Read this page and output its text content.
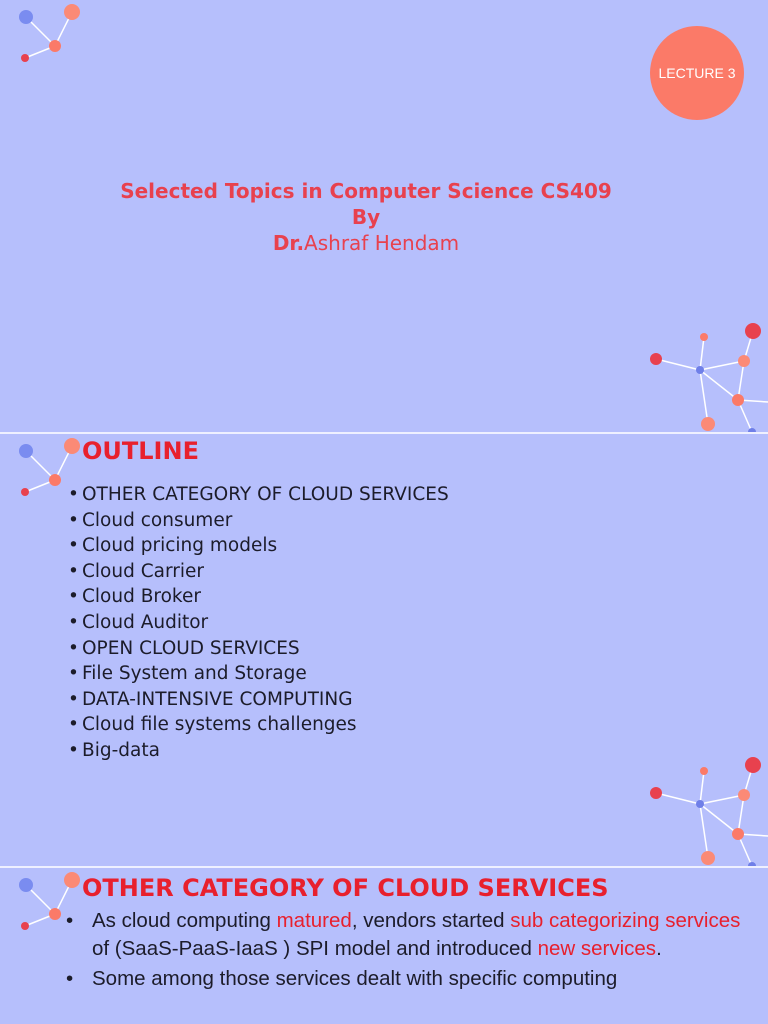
LECTURE 3
Selected Topics in Computer Science CS409
By
Dr.Ashraf Hendam
OUTLINE
• OTHER CATEGORY OF CLOUD SERVICES
• Cloud consumer
• Cloud pricing models
• Cloud Carrier
• Cloud Broker
• Cloud Auditor
• OPEN CLOUD SERVICES
• File System and Storage
• DATA-INTENSIVE COMPUTING
• Cloud file systems challenges
• Big-data
OTHER CATEGORY OF CLOUD SERVICES
• As cloud computing matured, vendors started sub categorizing services of (SaaS-PaaS-IaaS ) SPI model and introduced new services.
• Some among those services dealt with specific computing
